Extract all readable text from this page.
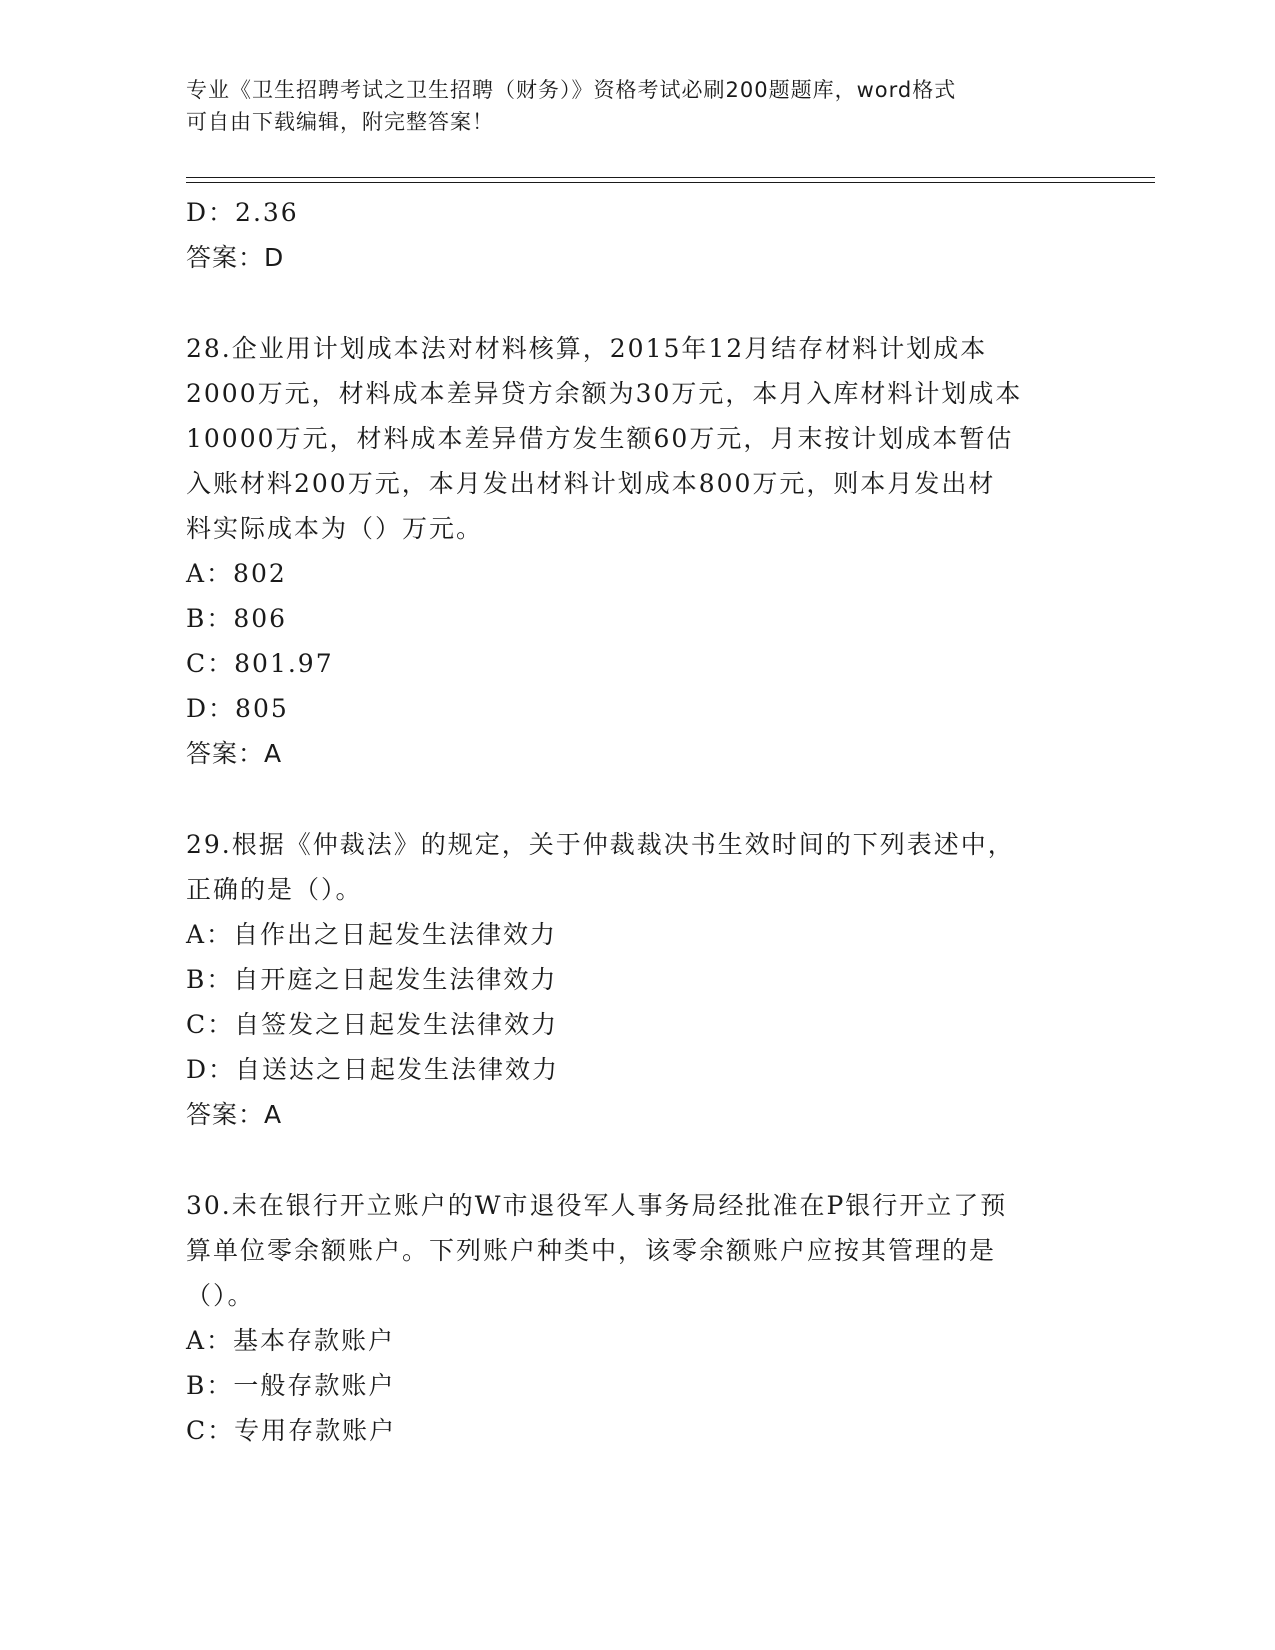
专业《卫生招聘考试之卫生招聘（财务）》资格考试必刷200题题库，word格式
可自由下载编辑，附完整答案！

D：2.36

答案：D

28.企业用计划成本法对材料核算，2015年12月结存材料计划成本

2000万元，材料成本差异贷方余额为30万元，本月入库材料计划成本

10000万元，材料成本差异借方发生额60万元，月末按计划成本暂估

入账材料200万元，本月发出材料计划成本800万元，则本月发出材

料实际成本为（）万元。

A：802

B：806

C：801.97

D：805

答案：A

29.根据《仲裁法》的规定，关于仲裁裁决书生效时间的下列表述中，

正确的是（）。

A：自作出之日起发生法律效力

B：自开庭之日起发生法律效力

C：自签发之日起发生法律效力

D：自送达之日起发生法律效力

答案：A

30.未在银行开立账户的W市退役军人事务局经批准在P银行开立了预

算单位零余额账户。下列账户种类中，该零余额账户应按其管理的是

（）。

A：基本存款账户

B：一般存款账户

C：专用存款账户
